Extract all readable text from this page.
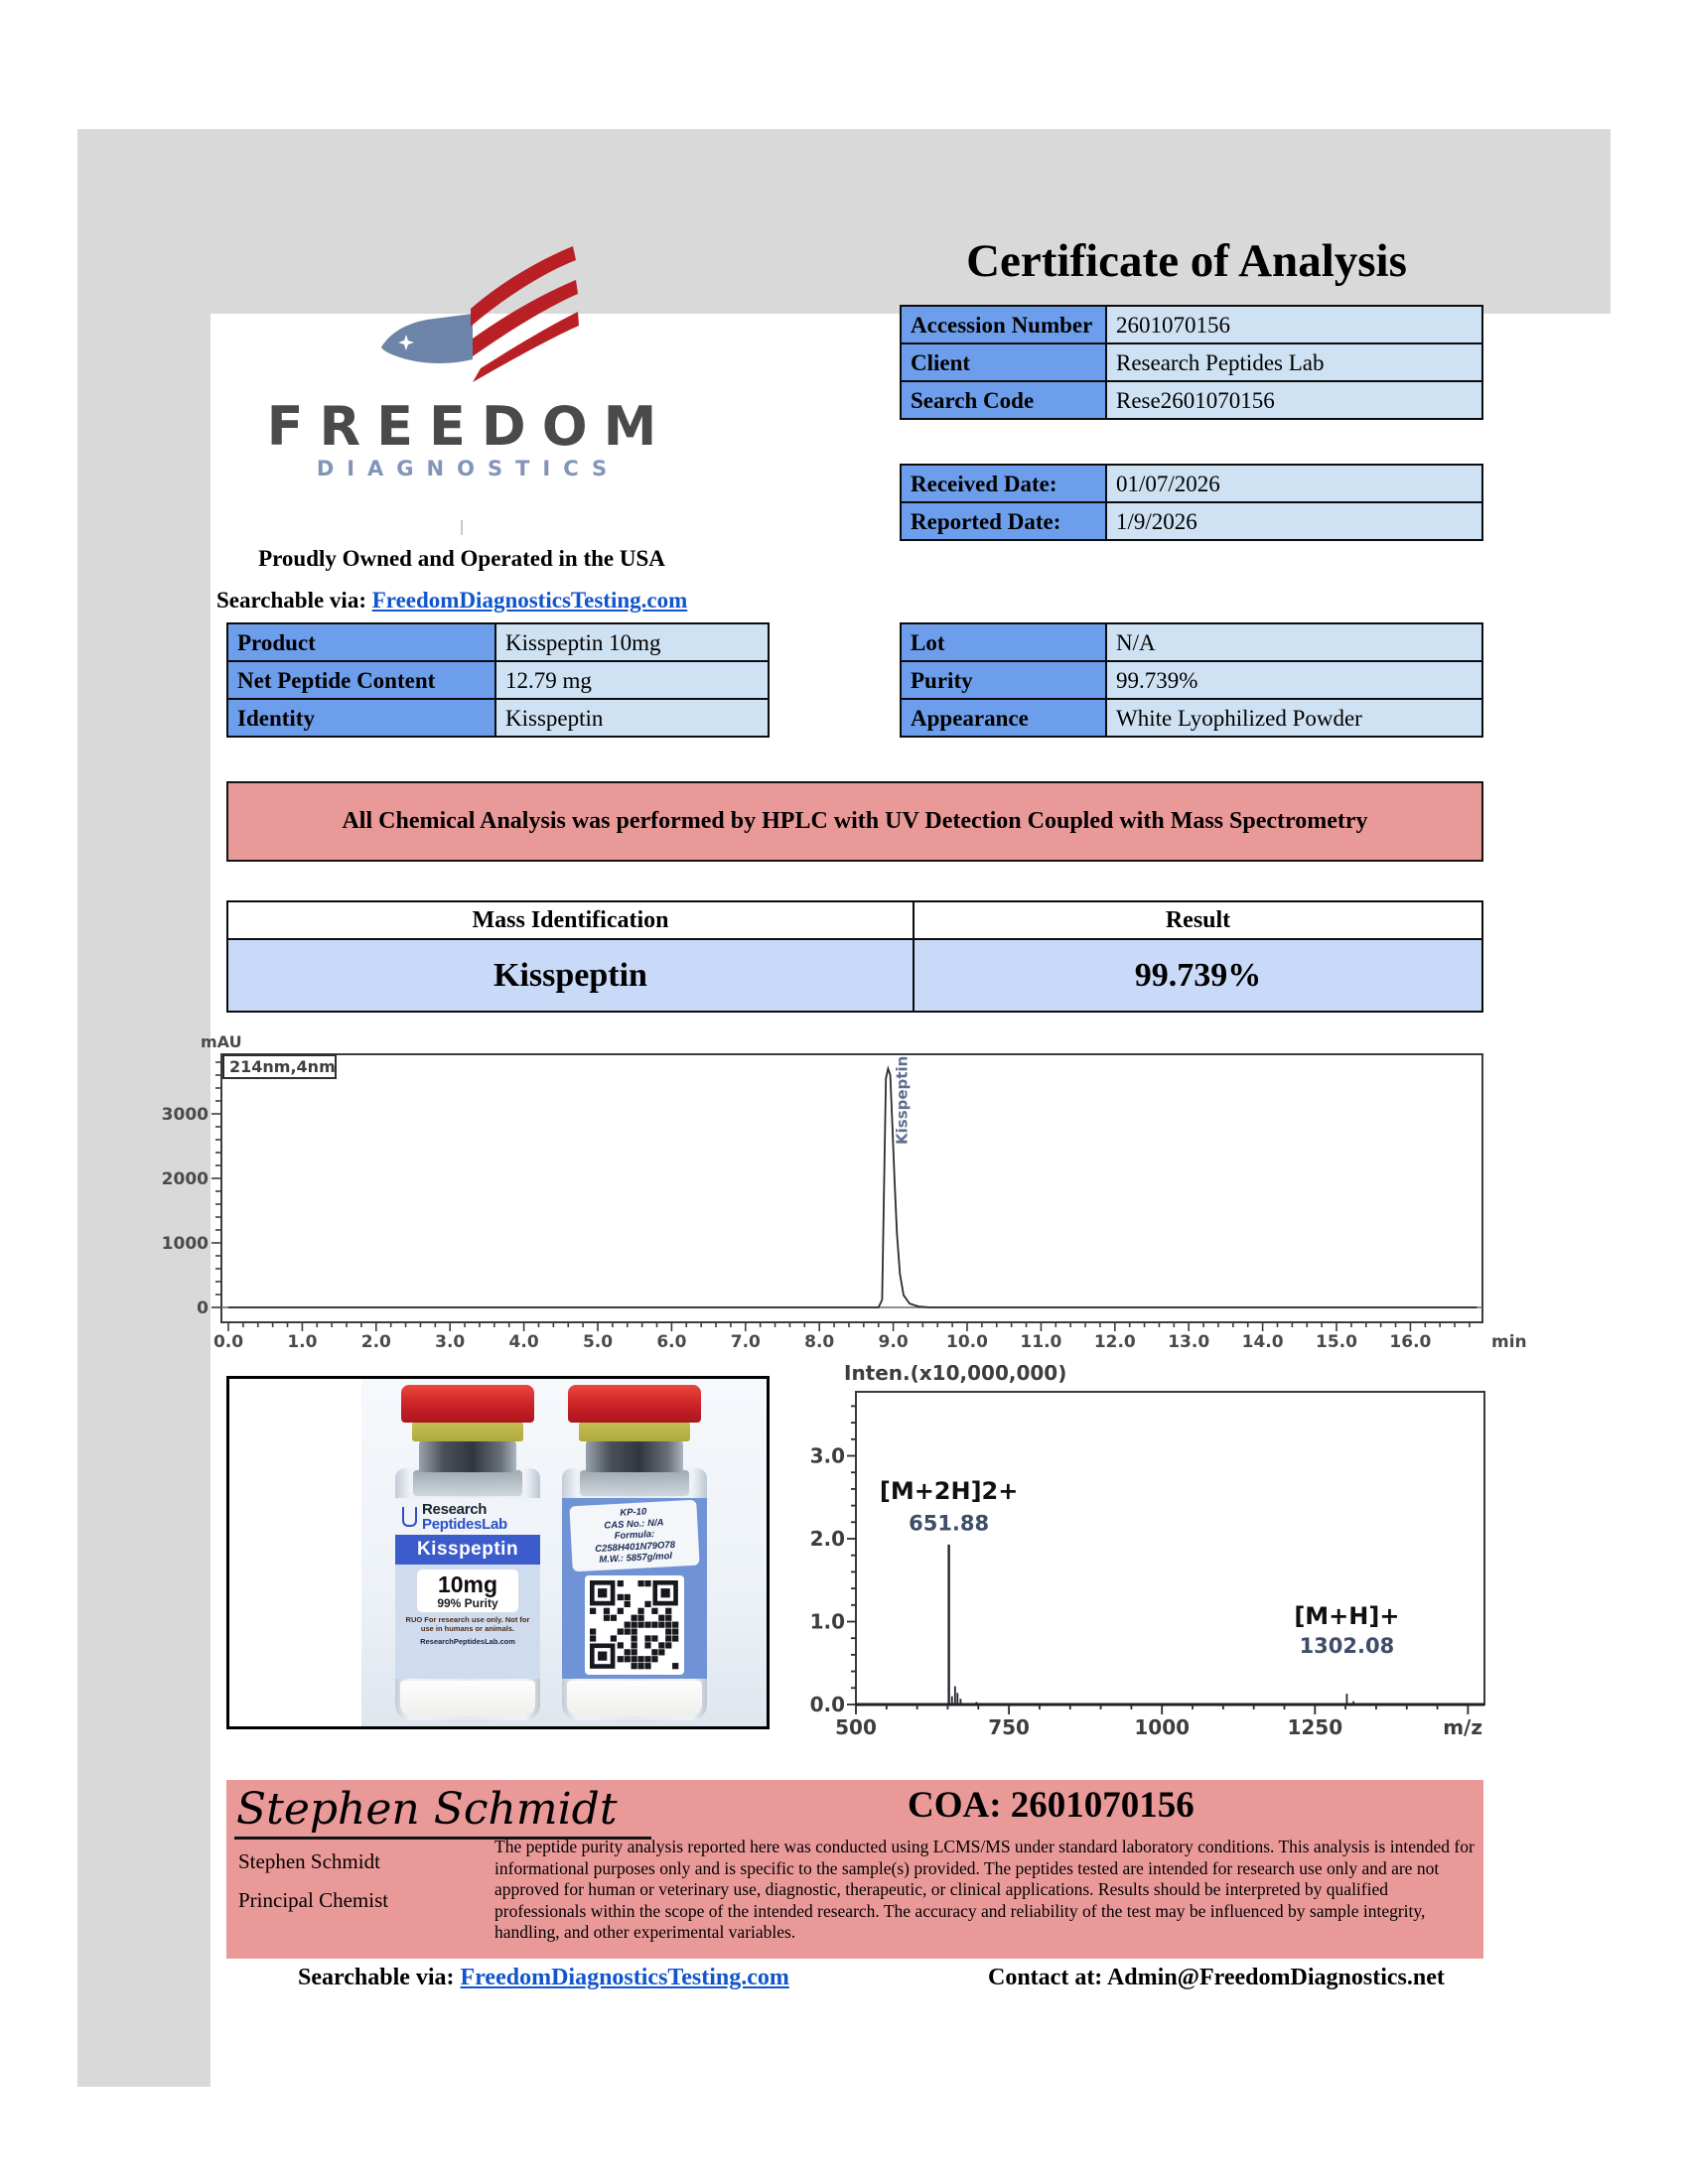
FREEDOM
DIAGNOSTICS
Proudly Owned and Operated in the USA
Searchable via: FreedomDiagnosticsTesting.com
Certificate of Analysis
Accession Number	2601070156
Client	Research Peptides Lab
Search Code	Rese2601070156
Received Date:	01/07/2026
Reported Date:	1/9/2026
Product	Kisspeptin 10mg
Net Peptide Content	12.79 mg
Identity	Kisspeptin
Lot	N/A
Purity	99.739%
Appearance	White Lyophilized Powder
All Chemical Analysis was performed by HPLC with UV Detection Coupled with Mass Spectrometry
Mass Identification	Result
Kisspeptin	99.739%
0
1000
2000
3000
0.0	1.0	2.0	3.0	4.0	5.0	6.0	7.0	8.0	9.0 10.0 11.0 12.0 13.0 14.0 15.0 16.0	min
mAU
214nm,4nm	Kisspeptin
Research
PeptidesLab
Kisspeptin
10mg
99% Purity
RUO For research use only. Not for
use in humans or animals.
ResearchPeptidesLab.com
KP-10
CAS No.: N/A
Formula: C258H401N79O78
M.W.: 5857g/mol
Inten.(x10,000,000)
0.0
1.0
2.0
3.0
500	750	1000	1250	m/z
[M+2H]2+
651.88
[M+H]+
1302.08
Stephen Schmidt
Stephen Schmidt
Principal Chemist
COA: 2601070156
The peptide purity analysis reported here was conducted using LCMS/MS under standard laboratory conditions. This analysis is intended for informational purposes only and is specific to the sample(s) provided. The peptides tested are intended for research use only and are not approved for human or veterinary use, diagnostic, therapeutic, or clinical applications. Results should be interpreted by qualified professionals within the scope of the intended research. The accuracy and reliability of the test may be influenced by sample integrity, handling, and other experimental variables.
Searchable via: FreedomDiagnosticsTesting.com	Contact at: Admin@FreedomDiagnostics.net
